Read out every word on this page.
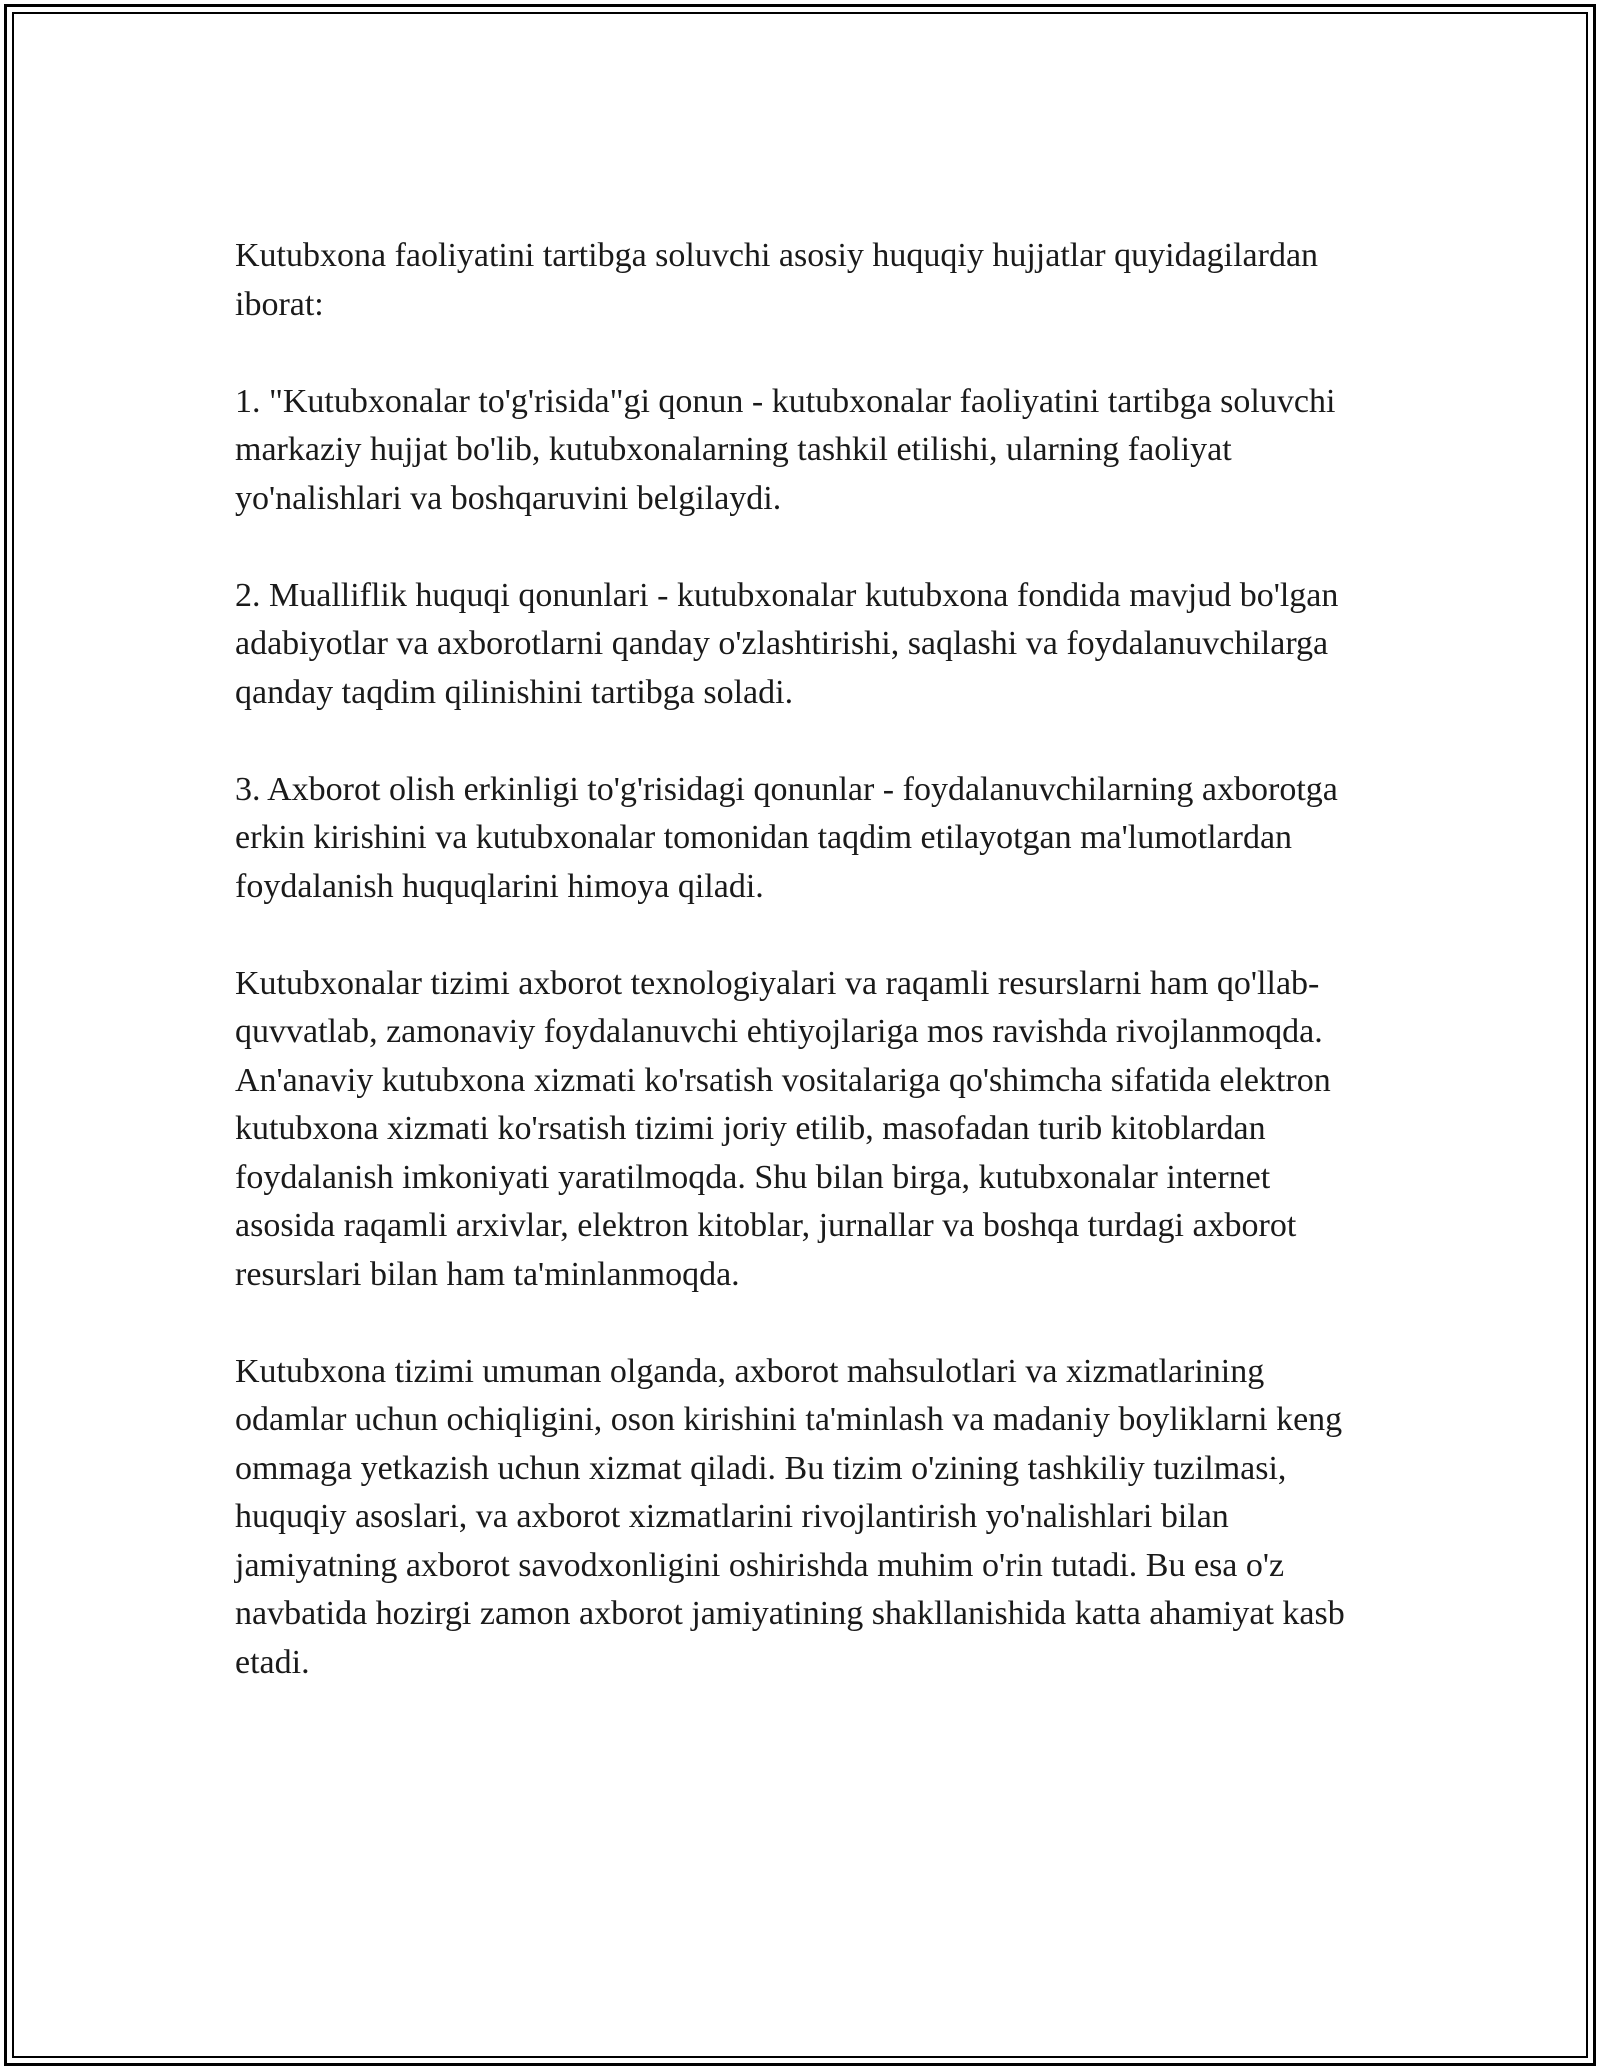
Kutubxona faoliyatini tartibga soluvchi asosiy huquqiy hujjatlar quyidagilardan iborat:

1. "Kutubxonalar to'g'risida"gi qonun - kutubxonalar faoliyatini tartibga soluvchi markaziy hujjat bo'lib, kutubxonalarning tashkil etilishi, ularning faoliyat yo'nalishlari va boshqaruvini belgilaydi.

2. Mualliflik huquqi qonunlari - kutubxonalar kutubxona fondida mavjud bo'lgan adabiyotlar va axborotlarni qanday o'zlashtirishi, saqlashi va foydalanuvchilarga qanday taqdim qilinishini tartibga soladi.

3. Axborot olish erkinligi to'g'risidagi qonunlar - foydalanuvchilarning axborotga erkin kirishini va kutubxonalar tomonidan taqdim etilayotgan ma'lumotlardan foydalanish huquqlarini himoya qiladi.

Kutubxonalar tizimi axborot texnologiyalari va raqamli resurslarni ham qo'llab-quvvatlab, zamonaviy foydalanuvchi ehtiyojlariga mos ravishda rivojlanmoqda. An'anaviy kutubxona xizmati ko'rsatish vositalariga qo'shimcha sifatida elektron kutubxona xizmati ko'rsatish tizimi joriy etilib, masofadan turib kitoblardan foydalanish imkoniyati yaratilmoqda. Shu bilan birga, kutubxonalar internet asosida raqamli arxivlar, elektron kitoblar, jurnallar va boshqa turdagi axborot resurslari bilan ham ta'minlanmoqda.

Kutubxona tizimi umuman olganda, axborot mahsulotlari va xizmatlarining odamlar uchun ochiqligini, oson kirishini ta'minlash va madaniy boyliklarni keng ommaga yetkazish uchun xizmat qiladi. Bu tizim o'zining tashkiliy tuzilmasi, huquqiy asoslari, va axborot xizmatlarini rivojlantirish yo'nalishlari bilan jamiyatning axborot savodxonligini oshirishda muhim o'rin tutadi. Bu esa o'z navbatida hozirgi zamon axborot jamiyatining shakllanishida katta ahamiyat kasb etadi.
